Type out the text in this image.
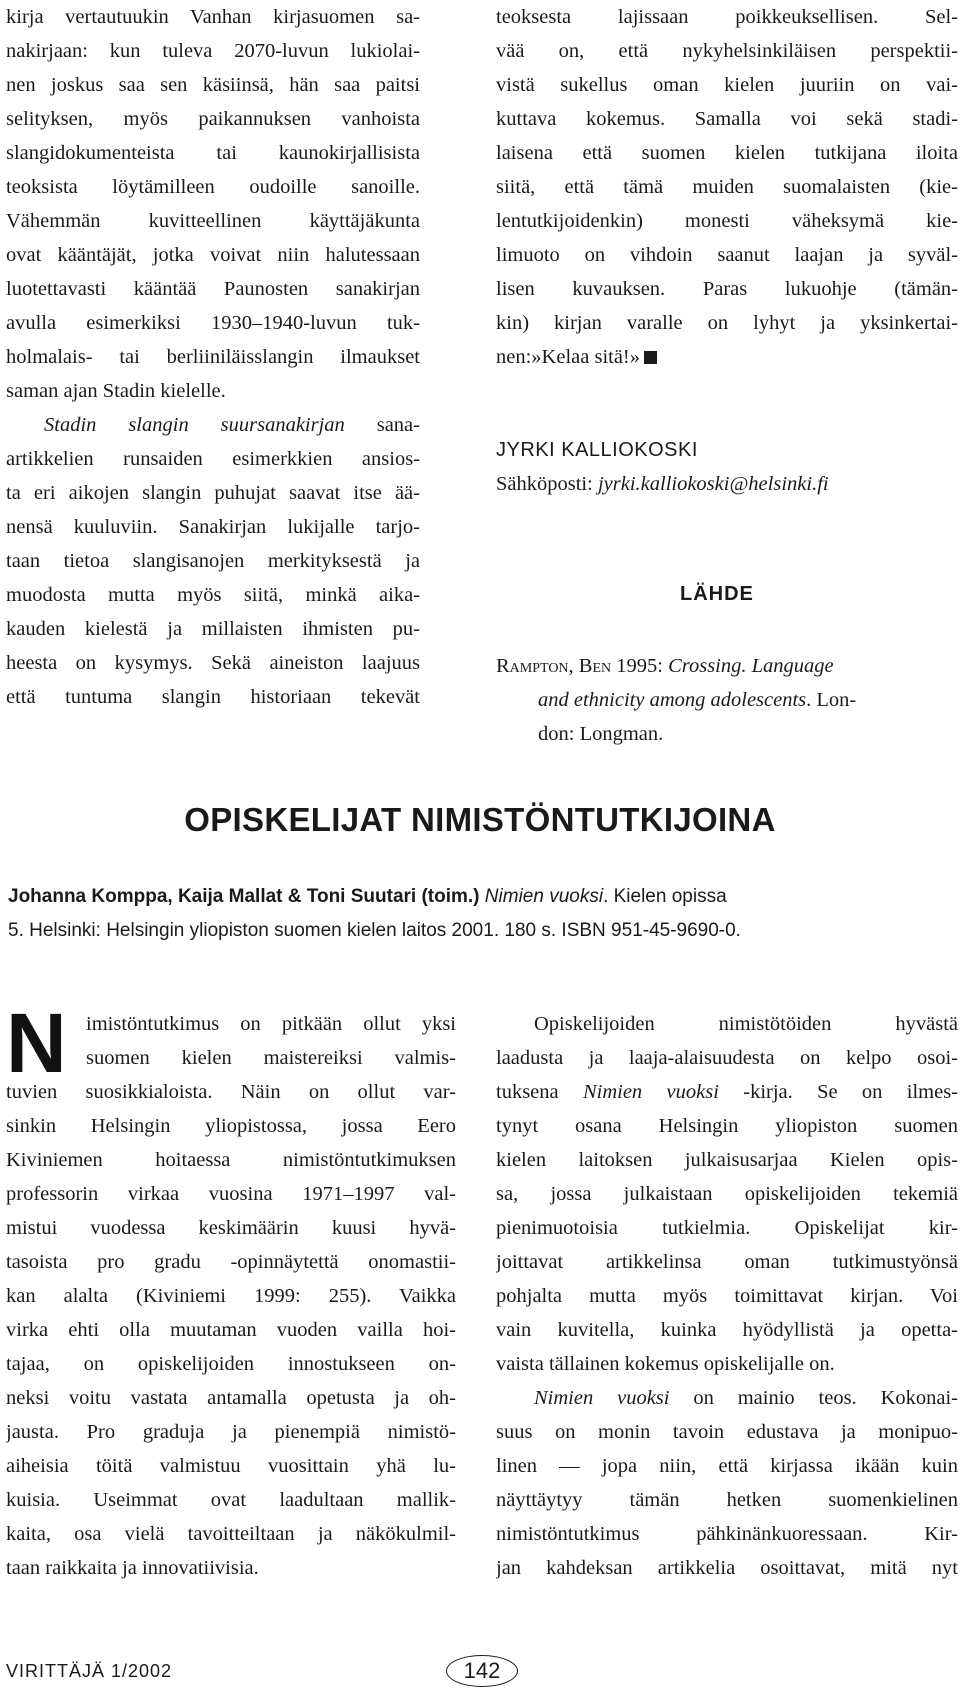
kirja vertautuukin Vanhan kirjasuomen sa-
nakirjaan: kun tuleva 2070-luvun lukiolai-
nen joskus saa sen käsiinsä, hän saa paitsi
selityksen, myös paikannuksen vanhoista
slangidokumenteista tai kaunokirjallisista
teoksista löytämilleen oudoille sanoille.
Vähemmän kuvitteellinen käyttäjäkunta
ovat kääntäjät, jotka voivat niin halutessaan
luotettavasti kääntää Paunosten sanakirjan
avulla esimerkiksi 1930–1940-luvun tuk-
holmalais- tai berliiniläisslangin ilmaukset
saman ajan Stadin kielelle.
Stadin slangin suursanakirjan sana-
artikkelien runsaiden esimerkkien ansios-
ta eri aikojen slangin puhujat saavat itse ää-
nensä kuuluviin. Sanakirjan lukijalle tarjo-
taan tietoa slangisanojen merkityksestä ja
muodosta mutta myös siitä, minkä aika-
kauden kielestä ja millaisten ihmisten pu-
heesta on kysymys. Sekä aineiston laajuus
että tuntuma slangin historiaan tekevät
teoksesta lajissaan poikkeuksellisen. Sel-
vää on, että nykyhelsinkiläisen perspektii-
vistä sukellus oman kielen juuriin on vai-
kuttava kokemus. Samalla voi sekä stadi-
laisena että suomen kielen tutkijana iloita
siitä, että tämä muiden suomalaisten (kie-
lentutkijoidenkin) monesti väheksymä kie-
limuoto on vihdoin saanut laajan ja syväl-
lisen kuvauksen. Paras lukuohje (tämän-
kin) kirjan varalle on lyhyt ja yksinkertai-
nen:»Kelaa sitä!»
JYRKI KALLIOKOSKI
Sähköposti: jyrki.kalliokoski@helsinki.fi
LÄHDE
Rampton, Ben 1995: Crossing. Language
and ethnicity among adolescents. Lon-
don: Longman.
OPISKELIJAT NIMISTÖNTUTKIJOINA
Johanna Komppa, Kaija Mallat & Toni Suutari (toim.) Nimien vuoksi. Kielen opissa
5. Helsinki: Helsingin yliopiston suomen kielen laitos 2001. 180 s. ISBN 951-45-9690-0.
N imistöntutkimus on pitkään ollut yksi
suomen kielen maistereiksi valmis-
tuvien suosikkialoista. Näin on ollut var-
sinkin Helsingin yliopistossa, jossa Eero
Kiviniemen hoitaessa nimistöntutkimuksen
professorin virkaa vuosina 1971–1997 val-
mistui vuodessa keskimäärin kuusi hyvä-
tasoista pro gradu -opinnäytettä onomastii-
kan alalta (Kiviniemi 1999: 255). Vaikka
virka ehti olla muutaman vuoden vailla hoi-
tajaa, on opiskelijoiden innostukseen on-
neksi voitu vastata antamalla opetusta ja oh-
jausta. Pro graduja ja pienempiä nimistö-
aiheisia töitä valmistuu vuosittain yhä lu-
kuisia. Useimmat ovat laadultaan mallik-
kaita, osa vielä tavoitteiltaan ja näkökulmil-
taan raikkaita ja innovatiivisia.
Opiskelijoiden nimistötöiden hyvästä
laadusta ja laaja-alaisuudesta on kelpo osoi-
tuksena Nimien vuoksi -kirja. Se on ilmes-
tynyt osana Helsingin yliopiston suomen
kielen laitoksen julkaisusarjaa Kielen opis-
sa, jossa julkaistaan opiskelijoiden tekemiä
pienimuotoisia tutkielmia. Opiskelijat kir-
joittavat artikkelinsa oman tutkimustyönsä
pohjalta mutta myös toimittavat kirjan. Voi
vain kuvitella, kuinka hyödyllistä ja opetta-
vaista tällainen kokemus opiskelijalle on.
Nimien vuoksi on mainio teos. Kokonai-
suus on monin tavoin edustava ja monipuo-
linen — jopa niin, että kirjassa ikään kuin
näyttäytyy tämän hetken suomenkielinen
nimistöntutkimus pähkinänkuoressaan. Kir-
jan kahdeksan artikkelia osoittavat, mitä nyt
VIRITTÄJÄ 1/2002	142
